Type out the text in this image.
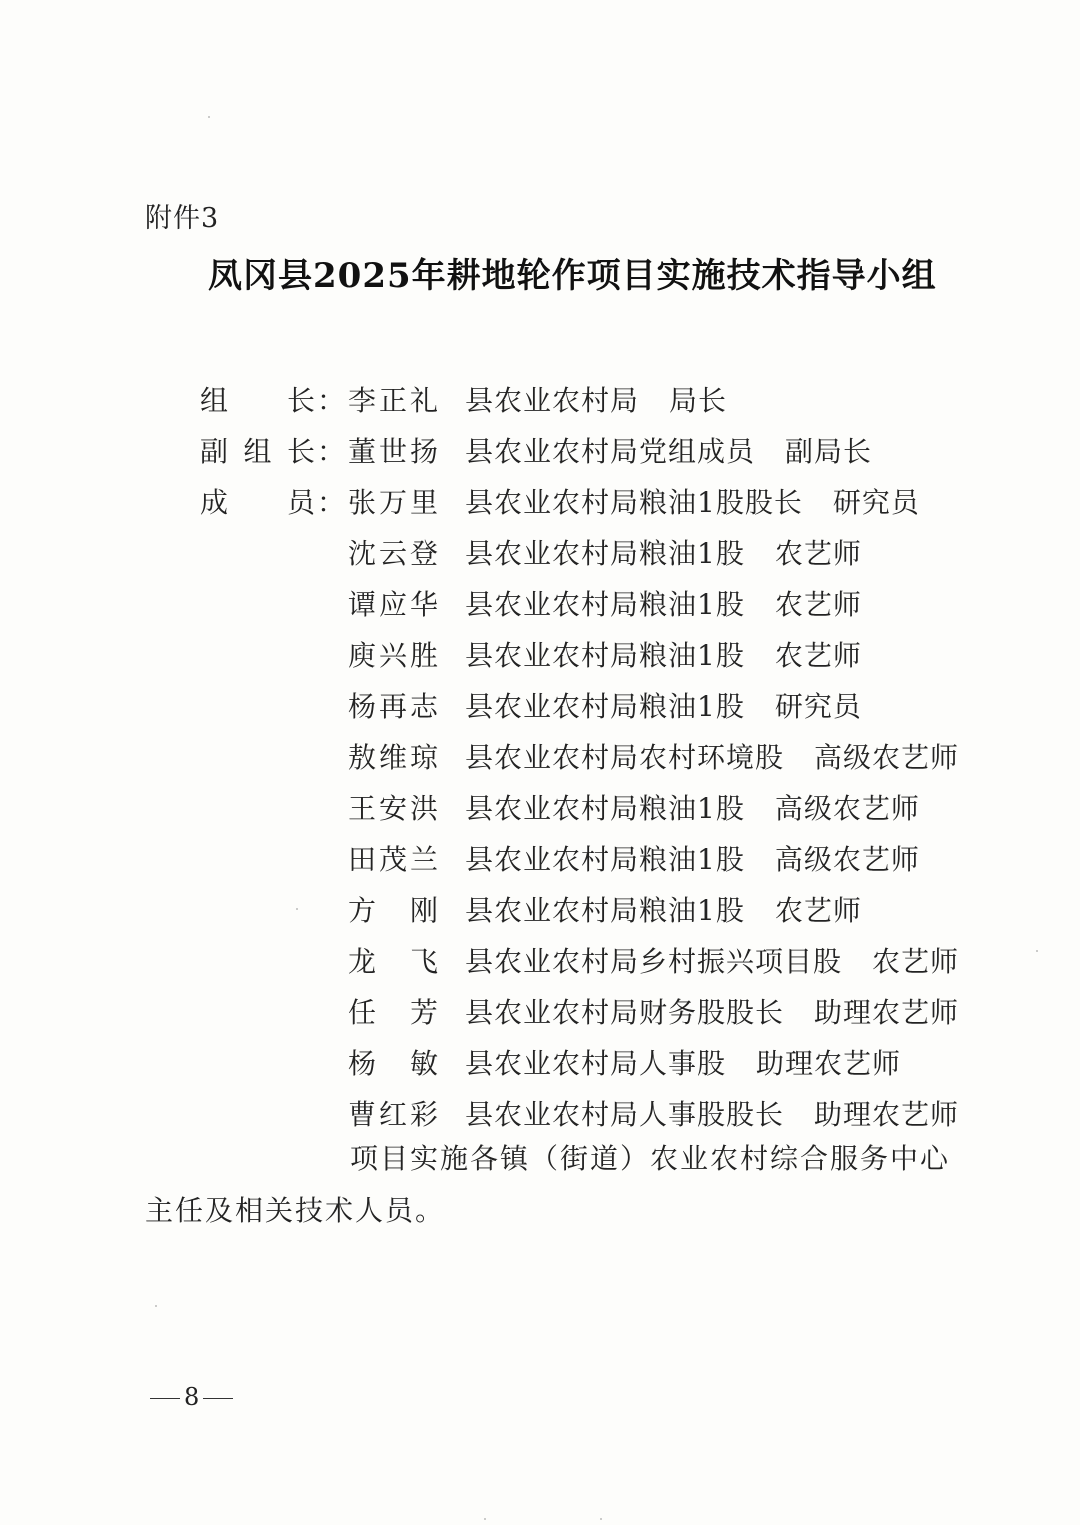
附件3
凤冈县2025年耕地轮作项目实施技术指导小组
组长 ： 李正礼 县农业农村局 局长
副组长 ： 董世扬 县农业农村局党组成员 副局长
成员 ： 张万里 县农业农村局粮油1股股长 研究员
沈云登 县农业农村局粮油1股 农艺师
谭应华 县农业农村局粮油1股 农艺师
庾兴胜 县农业农村局粮油1股 农艺师
杨再志 县农业农村局粮油1股 研究员
敖维琼 县农业农村局农村环境股 高级农艺师
王安洪 县农业农村局粮油1股 高级农艺师
田茂兰 县农业农村局粮油1股 高级农艺师
方刚 县农业农村局粮油1股 农艺师
龙飞 县农业农村局乡村振兴项目股 农艺师
任芳 县农业农村局财务股股长 助理农艺师
杨敏 县农业农村局人事股 助理农艺师
曹红彩 县农业农村局人事股股长 助理农艺师
项目实施各镇（街道）农业农村综合服务中心主任及相关技术人员。
8
